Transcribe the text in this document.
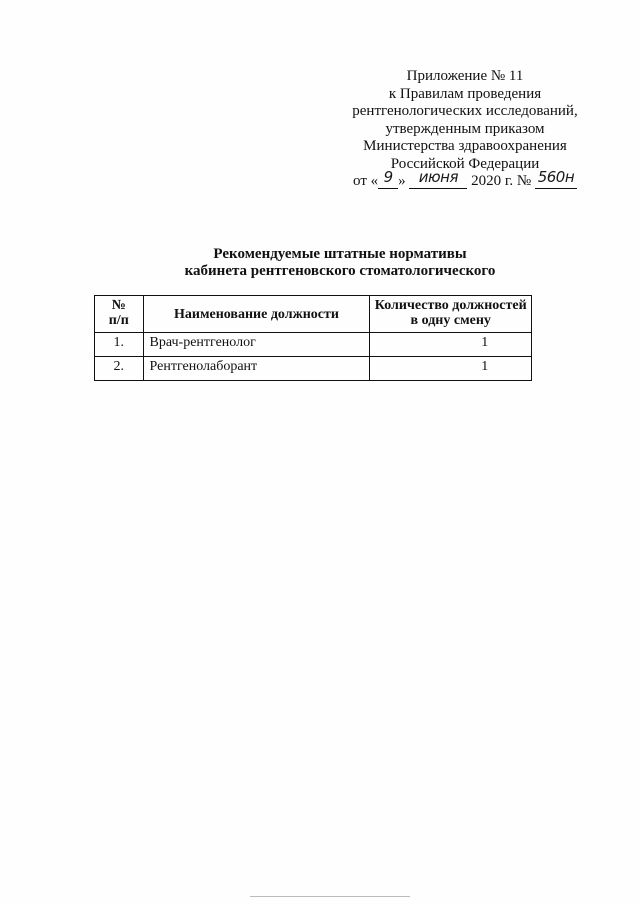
Приложение № 11
к Правилам проведения
рентгенологических исследований,
утвержденным приказом
Министерства здравоохранения
Российской Федерации
от « 9 » июня 2020 г. № 560н
Рекомендуемые штатные нормативы
кабинета рентгеновского стоматологического
№
п/п	Наименование должности	Количество должностей
в одну смену

1.	Врач-рентгенолог	1
2.	Рентгенолаборант	1
